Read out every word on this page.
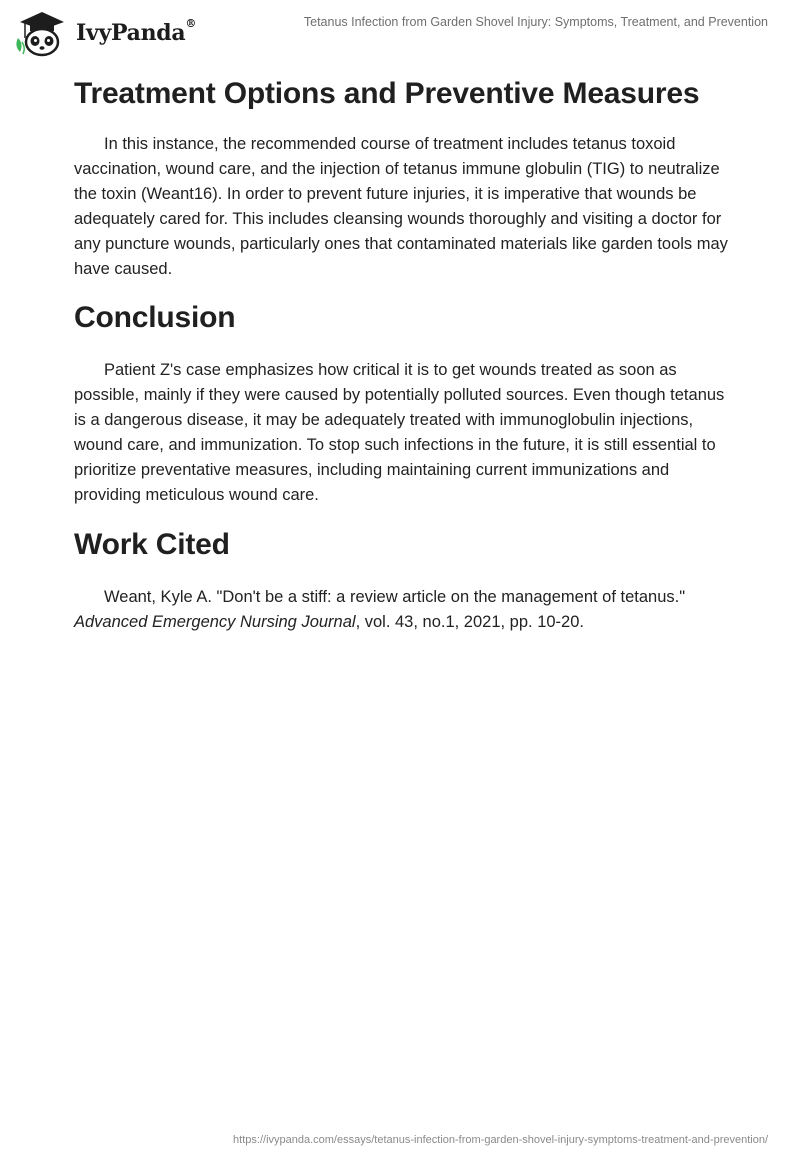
IvyPanda®	Tetanus Infection from Garden Shovel Injury: Symptoms, Treatment, and Prevention
Treatment Options and Preventive Measures

In this instance, the recommended course of treatment includes tetanus toxoid vaccination, wound care, and the injection of tetanus immune globulin (TIG) to neutralize the toxin (Weant16). In order to prevent future injuries, it is imperative that wounds be adequately cared for. This includes cleansing wounds thoroughly and visiting a doctor for any puncture wounds, particularly ones that contaminated materials like garden tools may have caused.

Conclusion

Patient Z's case emphasizes how critical it is to get wounds treated as soon as possible, mainly if they were caused by potentially polluted sources. Even though tetanus is a dangerous disease, it may be adequately treated with immunoglobulin injections, wound care, and immunization. To stop such infections in the future, it is still essential to prioritize preventative measures, including maintaining current immunizations and providing meticulous wound care.

Work Cited

Weant, Kyle A. "Don't be a stiff: a review article on the management of tetanus." Advanced Emergency Nursing Journal, vol. 43, no.1, 2021, pp. 10-20.

https://ivypanda.com/essays/tetanus-infection-from-garden-shovel-injury-symptoms-treatment-and-prevention/
